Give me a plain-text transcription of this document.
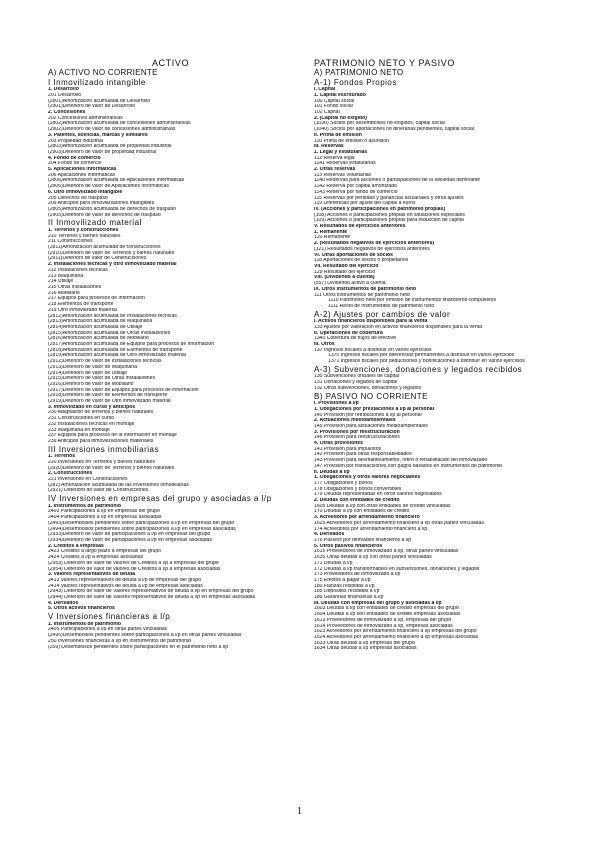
ACTIVO
A) ACTIVO NO CORRIENTE
I Inmovilizado intangible
1. Desarrollo
201 Desarrollo
(2801)Amortización acumulada de Desarrollo
(2901)Deterioro de valor de Desarrollo
2. Concesiones
202 Concesiones administrativas
(2802)Amortización acumulada de concesiones administrativas
(2902)Deterioro de valor de concesiones administrativas
3. Patentes, licencias, marcas y similares
203 Propiedad industrial
(2803)Amortización acumulada de propiedad industrial
(2903)Deterioro de valor de propiedad industrial
4. Fondo de comercio
204 Fondo de comercio
5. Aplicaciones informáticas
206 Aplicaciones informáticas
(2806)Amortización acumulada de Aplicaciones informáticas
(2906)Deterioro de valor de Aplicaciones informáticas
6. Otro inmovilizado intangible
205 Derechos de traspaso
209 Anticipos para inmovilizaciones intangibles
(2805)Amortización acumulada de derechos de traspaso
(2905)Deterioro de valor de derechos de traspaso
II Inmovilizado material
1. Terrenos y construcciones
210 Terrenos y bienes naturales
211 Construcciones
(2811)Amortización acumulada de construcciones
(2910)Deterioro de valor de Terrenos y bienes naturales
(2911)Deterioro de valor de Construcciones
2. Instalaciones técnicas y otro inmovilizado material
212 Instalaciones técnicas
213 Maquinaria
214 Utillaje
215 Otras instalaciones
216 Mobiliario
217 Equipos para procesos de información
218 Elementos de transporte
219 Otro inmovilizado material
(2812)Amortización acumulada de Instalaciones técnicas
(2813)Amortización acumulada de Maquinaria
(2814)Amortización acumulada de Utillaje
(2815)Amortización acumulada de Otras instalaciones
(2816)Amortización acumulada de Mobiliario
(2817)Amortización acumulada de Equipos para procesos de información
(2818)Amortización acumulada de Elementos de transporte
(2819)Amortización acumulada de Otro inmovilizado material
(2912)Deterioro de valor de Instalaciones técnicas
(2913)Deterioro de valor de Maquinaria
(2914)Deterioro de valor de Utillaje
(2915)Deterioro de valor de Otras instalaciones
(2916)Deterioro de valor de Mobiliario
(2917)Deterioro de valor de Equipos para procesos de información
(2918)Deterioro de valor de Elementos de transporte
(2919)Deterioro de valor de Otro inmovilizado material
3. Inmovilizado en curso y anticipos
230 Adaptación de terrenos y bienes naturales
231 Construcciones en curso
232 Instalaciones técnicas en montaje
233 Maquinaria en montaje
237 Equipos para procesos de la información en montaje
239 Anticipos para inmovilizaciones materiales
III Inversiones inmobiliarias
1. Terrenos
220 Inversiones en Terrenos y bienes naturales
(2920)Deterioro de valor de Terrenos y bienes naturales
2. Construcciones
221 Inversiones en Construcciones
(282) Amortización acumulada de las inversiones inmobiliarias
(2921) Deterioro de valor de Construcciones
IV Inversiones en empresas del grupo y asociadas a l/p
1. Instrumentos de patrimonio
2403 Participaciones a l/p en empresas del grupo
2404 Participaciones a l/p en empresas asociadas
(2493)Desembolsos pendientes sobre participaciones a l/p en empresas del grupo
(2494)Desembolsos pendientes sobre participaciones a l/p en empresas asociadas
(2933)Deterioro de valor de participaciones a l/p en empresas del grupo
(2934)Deterioro de valor de participaciones a l/p en empresas asociadas
2. Créditos a empresas
2423 Créditos a largo plazo a empresas del grupo
2424 Créditos a l/p a empresas asociadas
(2953) Deterioro de valor de valores de Créditos a l/p a empresas del grupo
(2954) Deterioro de valor de valores de Créditos a l/p a empresas asociadas
3. Valores representativos de deuda
2413 Valores representativos de deuda a l/p de empresas del grupo
2414 Valores representativos de deuda a l/p de empresas asociadas
(2943) Deterioro de valor de Valores representativos de deuda a l/p en empresas del grupo
(2944) Deterioro de valor de Valores representativos de deuda a l/p en empresas asociadas
4. Derivados
5. Otros activos financieros
V Inversiones financieras a l/p
1. Instrumentos de patrimonio
2405 Participaciones a l/p en otras partes vinculadas
(2495)Desembolsos pendientes sobre participaciones a l/p en otras partes vinculadas
250 Inversiones financieras a l/p en instrumentos de patrimonio
(259) Desembolsos pendientes sobre participaciones en el patrimonio neto a l/p
PATRIMONIO NETO Y PASIVO
A) PATRIMONIO NETO
A-1) Fondos Propios
I. Capital
1. Capital escriturado
100 Capital social
101 Fondo social
102 Capital
2. (Capital no exigido)
(1030) Socios por desembolsos no exigidos, capital social
(1040) Socios por aportaciones no dinerarias pendientes, capital social
II. Prima de emisión
110 Prima de emisión o asunción
III. Reservas
1. Legal y estatutarias
112 Reserva legal
1141 Reservas estatutarias
2. Otras reservas
113 Reservas voluntarias
1140 Reservas para acciones o participaciones de la sociedad dominante
1142 Reserva por capital amortizado
1143 Reserva por fondo de comercio
115 Reservas por pérdidas y ganancias actuariales y otros ajustes
119 Diferencias por ajuste del capital a euros
IV. (Acciones y participaciones en patrimonio propias)
(108) Acciones o participaciones propias en situaciones especiales
(109) Acciones o participaciones propias para reducción de capital
V. Resultados de ejercicios anteriores
1. Remanente
120 Remanente
2. (Resultados negativos de ejercicios anteriores)
(121) Resultados negativos de ejercicios anteriores
VI. Otras aportaciones de socios
118 Aportaciones de socios o propietarios
VII. Resultado del ejercicio
129 Resultado del ejercicio
VIII. (Dividendo a cuenta)
(557) Dividendo activo a cuenta
IX. Otros instrumentos de patrimonio neto
111 Otros instrumentos de patrimonio neto
1110 Patrimonio neto por emisión de instrumentos financieros compuestos
1111 Resto de instrumentos de patrimonio neto
A-2) Ajustes por cambios de valor
I. Activos financieros disponibles para la venta
133 Ajustes por valoración en activos financieros disponibles para la venta
II. Operaciones de cobertura
1340 Cobertura de flujos de efectivo
III. Otros
137 Ingresos fiscales a distribuir en varios ejercicios
1370 Ingresos fiscales por diferencias permanentes a distribuir en varios ejercicios
1371 Ingresos fiscales por deducciones y bonificaciones a distribuir en varios ejercicios
A-3) Subvenciones, donaciones y legados recibidos
130 Subvenciones oficiales de capital
131 Donaciones y legados de capital
132 Otras subvenciones, donaciones y legados
B) PASIVO NO CORRIENTE
I. Provisiones a l/p
1. Obligaciones por prestaciones a l/p al personal
140 Provisión por retribuciones a l/p al personal
2. Actuaciones medioambientales
145 Provisión para actuaciones medioambientales
3. Provisiones por reestructuración
146 Provisión para reestructuraciones
4. Otras provisiones
141 Provisión para impuestos
142 Provisión para otras responsabilidades
143 Provisión para desmantelamiento, retiro o rehabilitación del inmovilizado
147 Provisión por transacciones con pagos basados en instrumentos de patrimonio
II. Deudas a l/p
1. Obligaciones y otros valores negociables
177 Obligaciones y bonos
178 Obligaciones y bonos convertibles
179 Deudas representadas en otros valores negociables
2. Deudas con entidades de crédito
1605 Deudas a l/p con otras entidades de crédito vinculadas
170 Deudas a l/p con entidades de crédito
3. Acreedores por arrendamiento financiero
1625 Acreedores por arrendamiento financiero a l/p otras partes vinculadas
174 Acreedores por arrendamiento financiero a l/p
4. Derivados
176 Pasivos por derivados financieros a l/p
5. Otros pasivos financieros
1615 Proveedores de inmovilizado a l/p, otras partes vinculadas
1635 Otras deudas a l/p con otras partes vinculadas
171 Deudas a l/p
172 Deudas a l/p transformables en subvenciones, donaciones y legados
173 Proveedores de inmovilizado a l/p
175 Efectos a pagar a l/p
180 Fianzas recibidas a l/p
185 Depósitos recibidos a l/p
189 Garantías financieras a l/p
III. Deudas con empresas del grupo y asociadas a l/p
1603 Deudas a l/p con entidades de crédito empresas del grupo
1604 Deudas a l/p con entidades de crédito empresas asociadas
1613 Proveedores de inmovilizado a l/p, empresas del grupo
1614 Proveedores de inmovilizado a l/p, empresas asociadas
1623 Acreedores por arrendamiento financiero a l/p empresas del grupo
1624 Acreedores por arrendamiento financiero a l/p empresas asociadas
1633 Otras deudas a l/p empresas del grupo
1634 Otras deudas a l/p empresas asociadas
1
